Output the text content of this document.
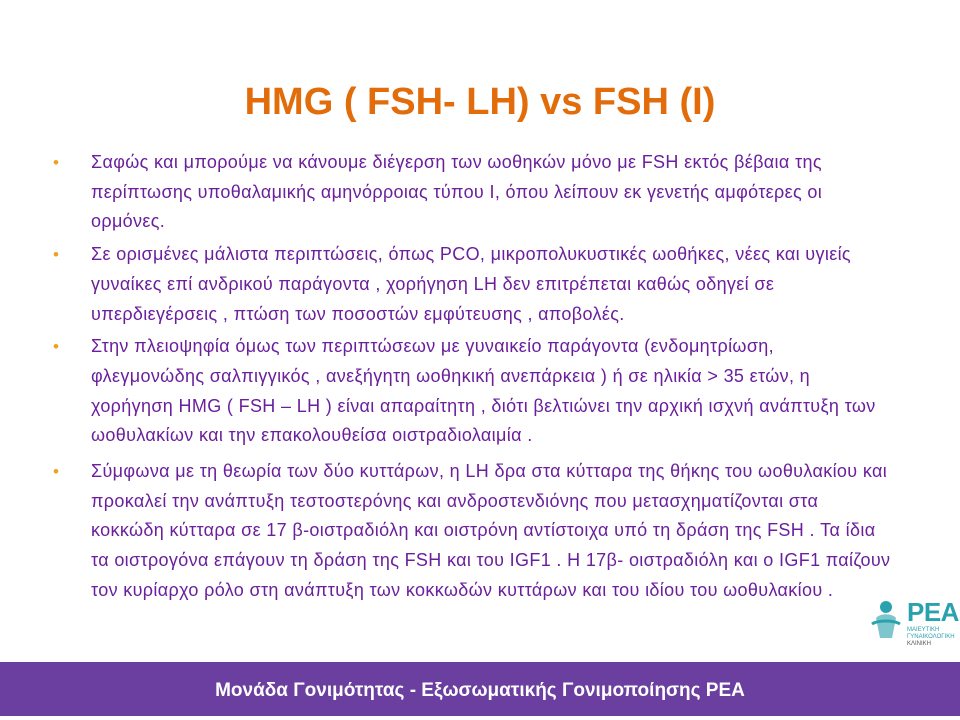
HMG ( FSH- LH) vs FSH (I)
• Σαφώς και μπορούμε να κάνουμε διέγερση των ωοθηκών μόνο με FSH εκτός βέβαια της περίπτωσης υποθαλαμικής αμηνόρροιας τύπου Ι, όπου λείπουν εκ γενετής αμφότερες οι ορμόνες.
• Σε ορισμένες μάλιστα περιπτώσεις, όπως PCO, μικροπολυκυστικές ωοθήκες, νέες και υγιείς γυναίκες επί ανδρικού παράγοντα , χορήγηση LH δεν επιτρέπεται καθώς οδηγεί σε υπερδιεγέρσεις , πτώση των ποσοστών εμφύτευσης , αποβολές.
• Στην πλειοψηφία όμως των περιπτώσεων με γυναικείο παράγοντα (ενδομητρίωση, φλεγμονώδης σαλπιγγικός , ανεξήγητη ωοθηκική ανεπάρκεια ) ή σε ηλικία > 35 ετών, η χορήγηση HMG ( FSH – LH ) είναι απαραίτητη , διότι βελτιώνει την αρχική ισχνή ανάπτυξη των ωοθυλακίων και την επακολουθείσα οιστραδιολαιμία .
• Σύμφωνα με τη θεωρία των δύο κυττάρων, η LH δρα στα κύτταρα της θήκης του ωοθυλακίου και προκαλεί την ανάπτυξη τεστοστερόνης και ανδροστενδιόνης που μετασχηματίζονται στα κοκκώδη κύτταρα σε 17 β-οιστραδιόλη και οιστρόνη αντίστοιχα υπό τη δράση της FSH . Τα ίδια τα οιστρογόνα επάγουν τη δράση της FSH και του IGF1 . Η 17β- οιστραδιόλη και ο IGF1 παίζουν τον κυρίαρχο ρόλο στη ανάπτυξη των κοκκωδών κυττάρων και του ιδίου του ωοθυλακίου .
PEA
ΜΑΙΕΥΤΙΚΗ
ΓΥΝΑΙΚΟΛΟΓΙΚΗ
ΚΛΙΝΙΚΗ
Μονάδα Γονιμότητας - Εξωσωματικής Γονιμοποίησης PEA
